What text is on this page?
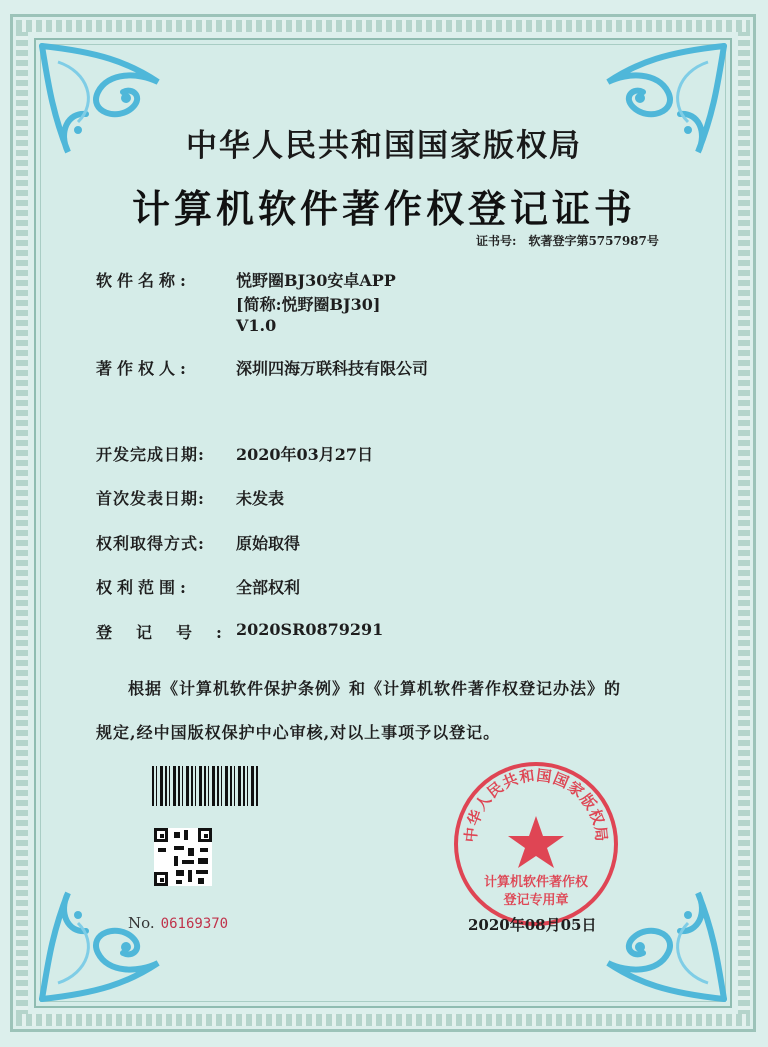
中华人民共和国国家版权局
计算机软件著作权登记证书
证书号: 软著登字第5757987号
软件名称:	悦野圈BJ30安卓APP
[简称:悦野圈BJ30]
V1.0
著作权人:	深圳四海万联科技有限公司
开发完成日期:	2020年03月27日
首次发表日期:	未发表
权利取得方式:	原始取得
权利范围:	全部权利
登记号:
2020SR0879291
根据《计算机软件保护条例》和《计算机软件著作权登记办法》的
规定,经中国版权保护中心审核,对以上事项予以登记。
No. 06169370
中华人民共和国国家版权局
计算机软件著作权
登记专用章
2020年08月05日
